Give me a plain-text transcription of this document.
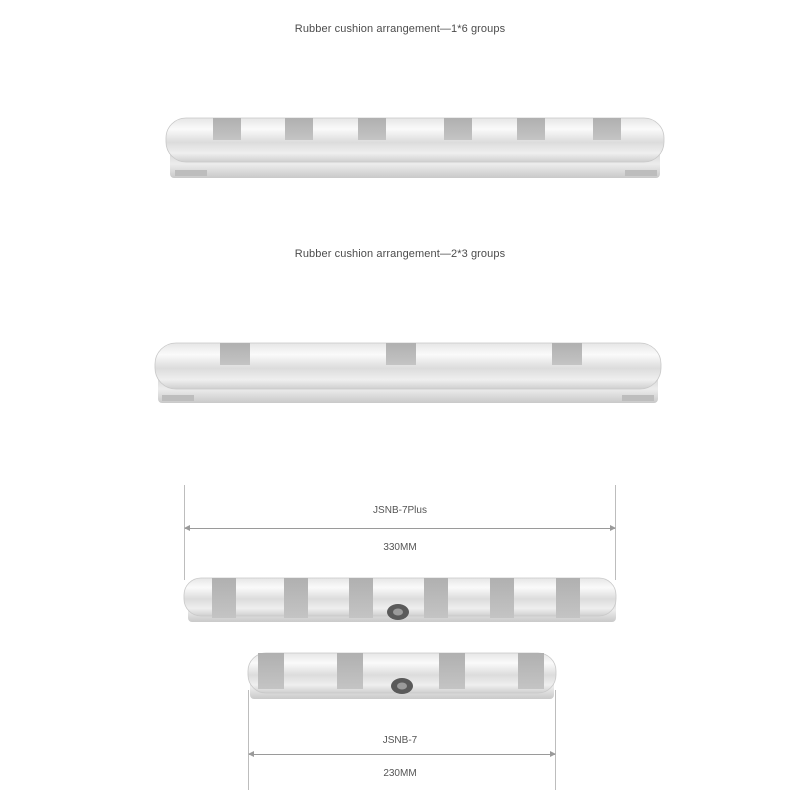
Rubber cushion arrangement—1*6 groups
Rubber cushion arrangement—2*3 groups
JSNB-7Plus
330MM
JSNB-7
230MM
